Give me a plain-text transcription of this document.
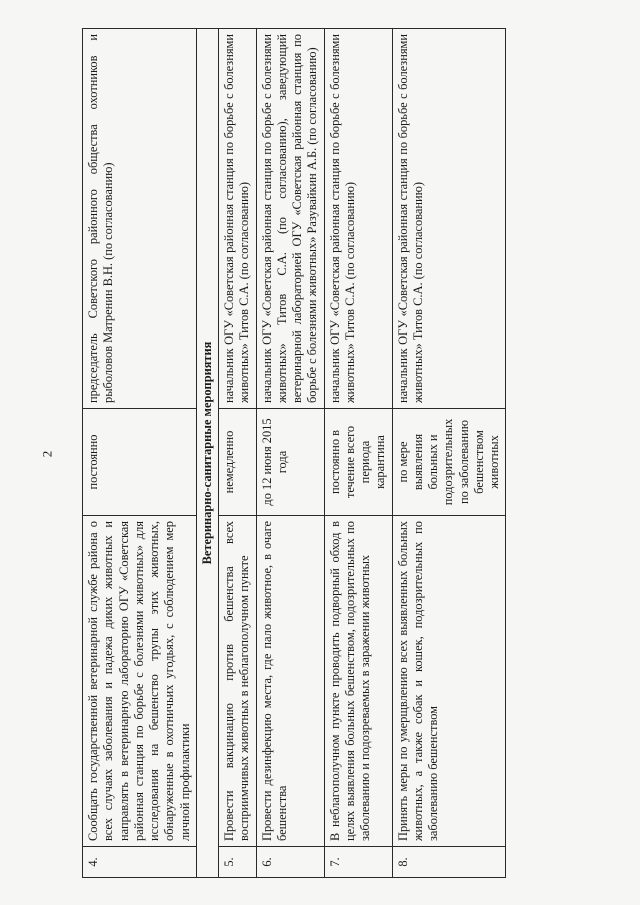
2
4.	Сообщать государственной ветеринарной службе района о всех случаях заболевания и падежа диких животных и направлять в ветеринарную лабораторию ОГУ «Советская районная станция по борьбе с болезнями животных» для исследования на бешенство трупы этих животных, обнаруженные в охотничьих угодьях, с соблюдением мер личной профилактики	постоянно	председатель Советского районного общества охотников и рыболовов Матренин В.Н. (по согласованию)
Ветеринарно-санитарные мероприятия			
5.	Провести вакцинацию против бешенства всех восприимчивых животных в неблагополучном пункте	немедленно	начальник ОГУ «Советская районная станция по борьбе с болезнями животных» Титов С.А. (по согласованию)
6.	Провести дезинфекцию места, где пало животное, в очаге бешенства	до 12 июня 2015 года	начальник ОГУ «Советская районная станция по борьбе с болезнями животных» Титов С.А. (по согласованию), заведующий ветеринарной лабораторией ОГУ «Советская районная станция по борьбе с болезнями животных» Разувайкин А.Б. (по согласованию)
7.	В неблагополучном пункте проводить подворный обход в целях выявления больных бешенством, подозрительных по заболеванию и подозреваемых в заражении животных	постоянно в течение всего периода карантина	начальник ОГУ «Советская районная станция по борьбе с болезнями животных» Титов С.А. (по согласованию)
8.	Принять меры по умерщвлению всех выявленных больных животных, а также собак и кошек, подозрительных по заболеванию бешенством	по мере выявления больных и подозрительных по заболеванию бешенством животных	начальник ОГУ «Советская районная станция по борьбе с болезнями животных» Титов С.А. (по согласованию)
